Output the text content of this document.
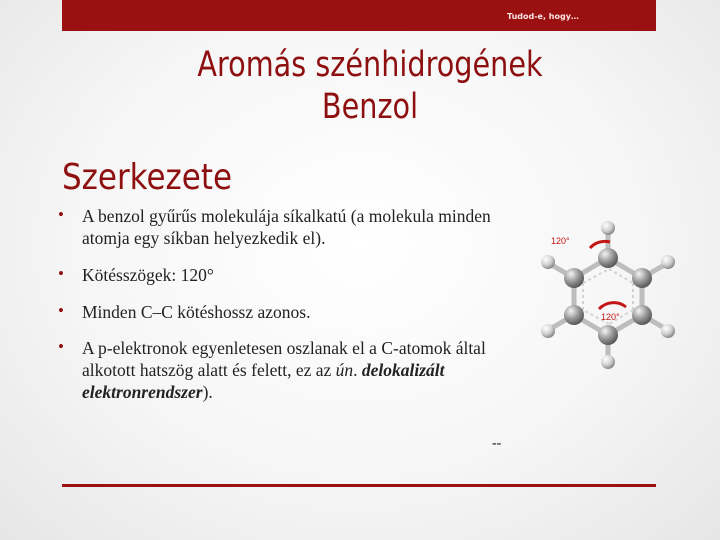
Tudod-e, hogy…
Aromás szénhidrogének
Benzol
Szerkezete
• A benzol gyűrűs molekulája síkalkatú (a molekula minden atomja egy síkban helyezkedik el).
• Kötésszögek: 120°
• Minden C–C kötéshossz azonos.
• A p-elektronok egyenletesen oszlanak el a C-atomok által alkotott hatszög alatt és felett, ez az ún. delokalizált elektronrendszer).
120°
120°
--
